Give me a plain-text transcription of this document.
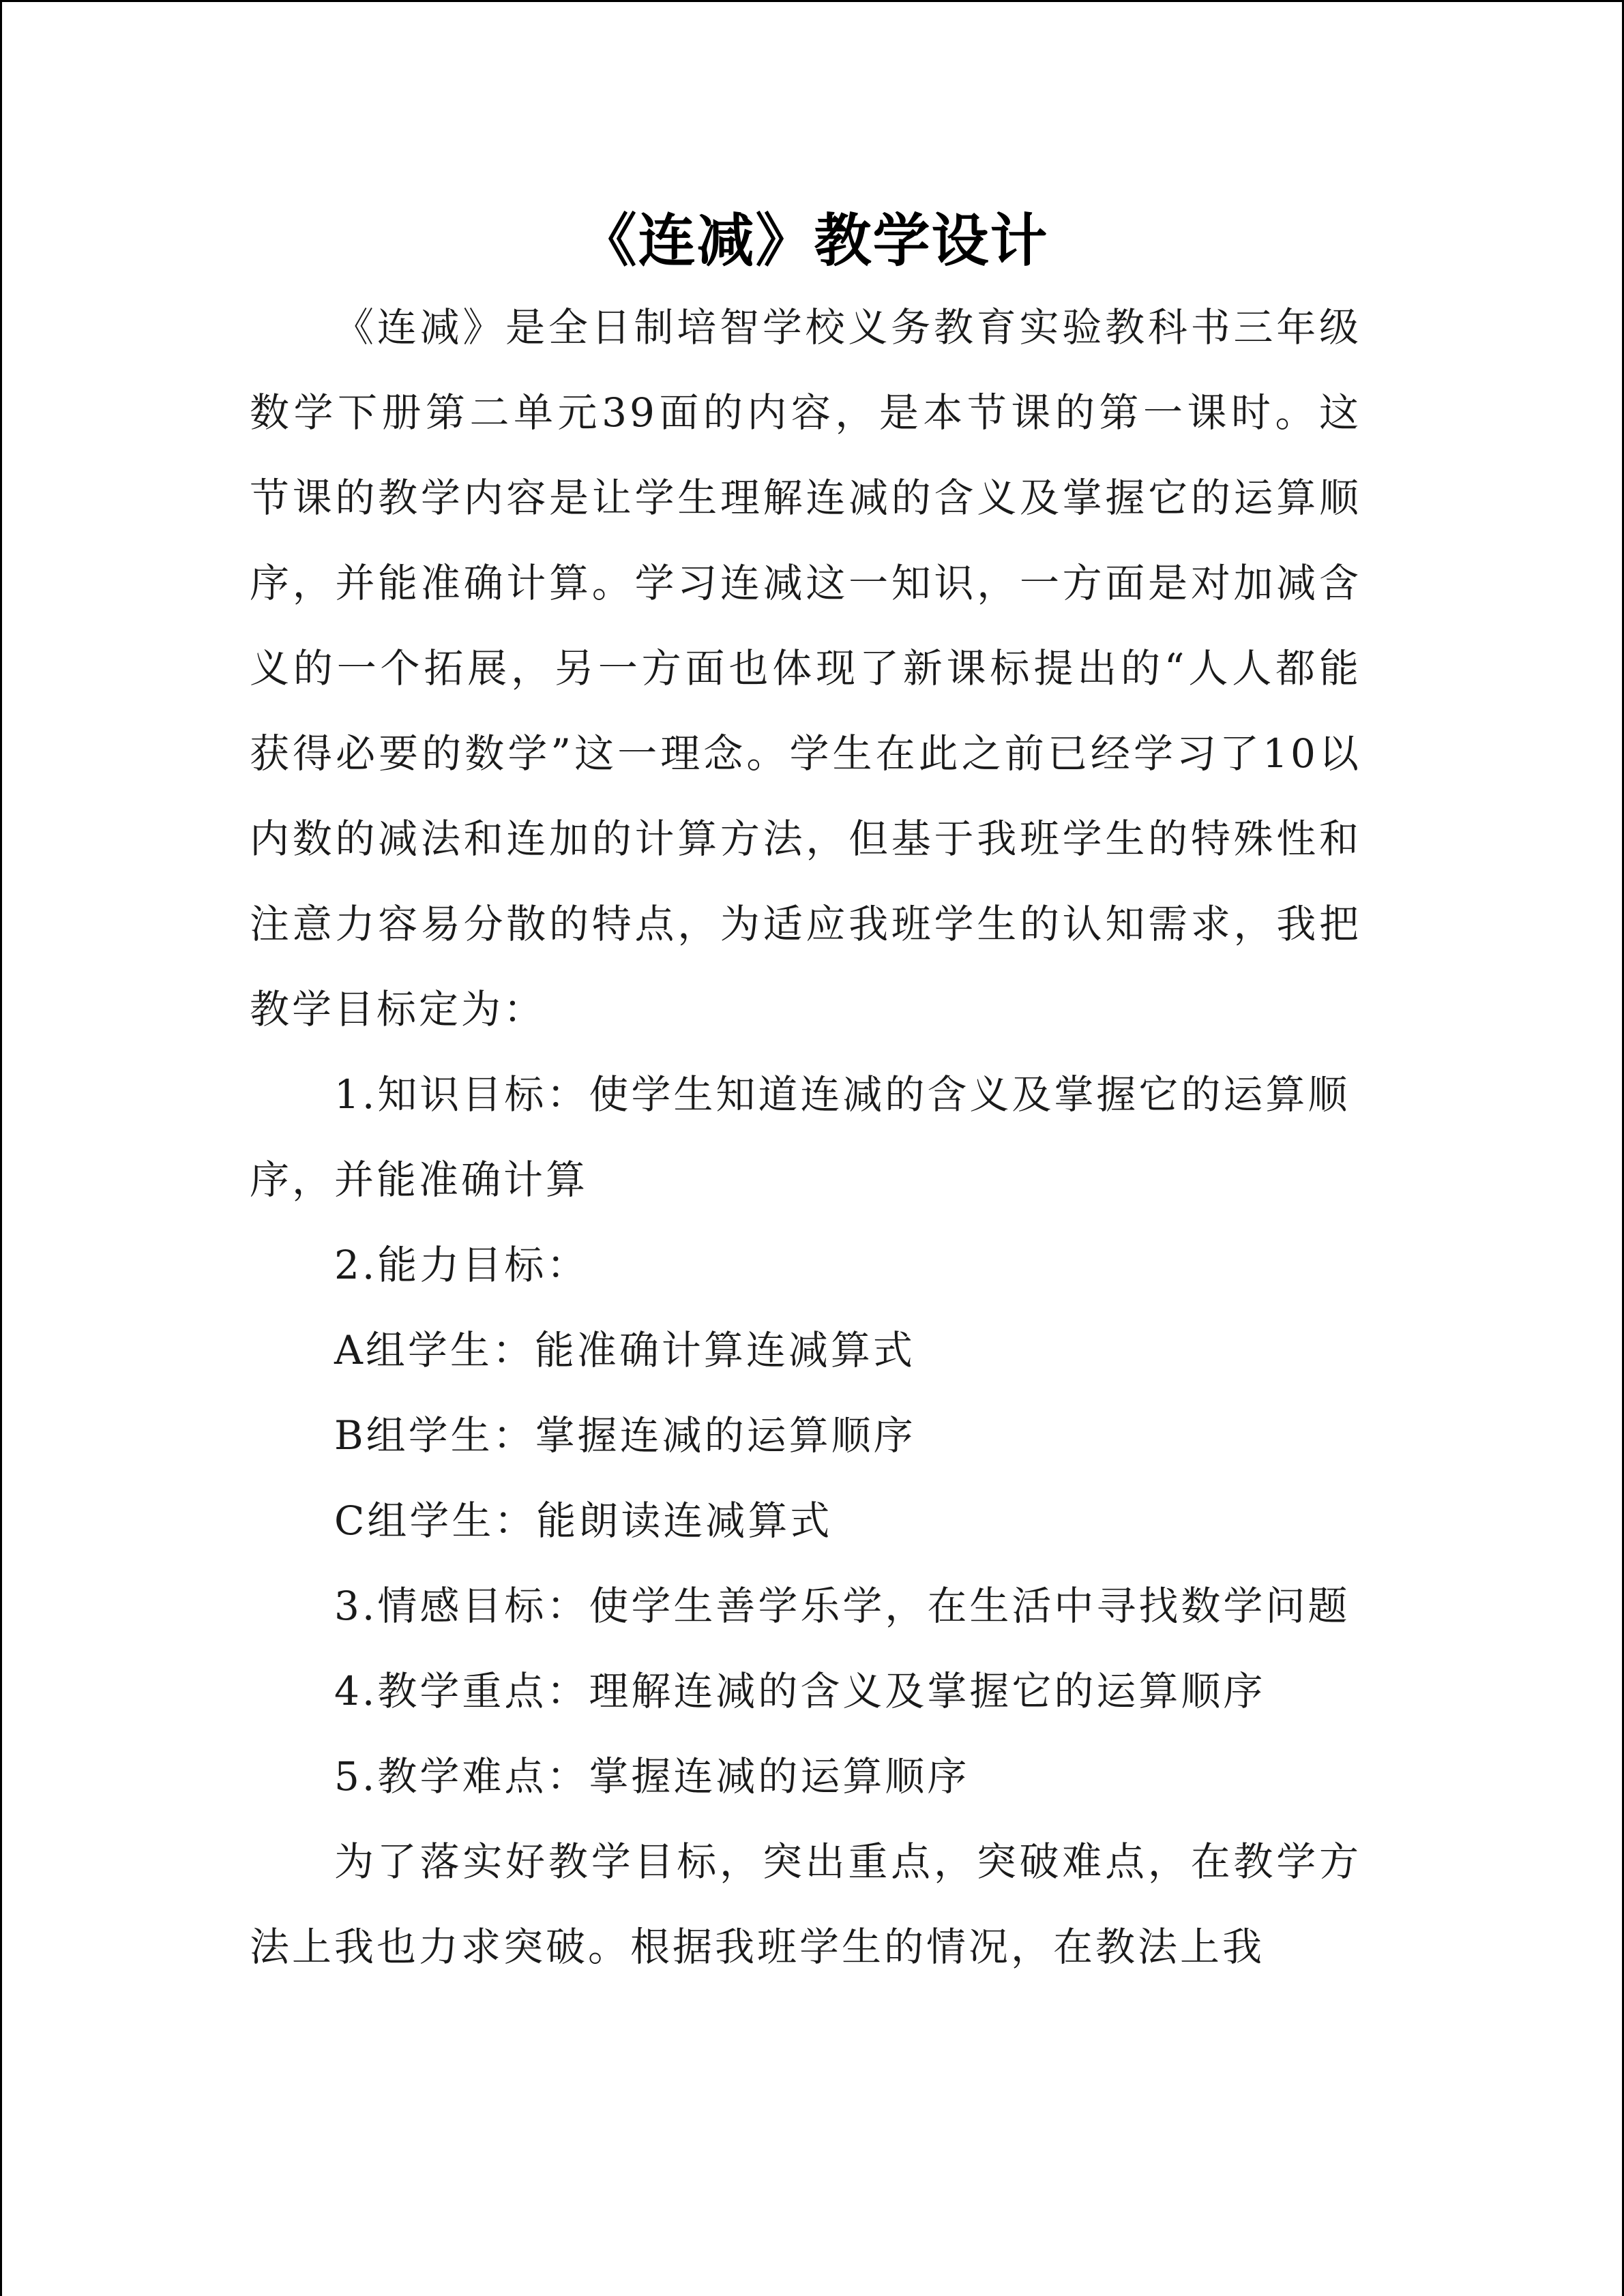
《连减》教学设计

《连减》是全日制培智学校义务教育实验教科书三年级数学下册第二单元39面的内容，是本节课的第一课时。这节课的教学内容是让学生理解连减的含义及掌握它的运算顺序，并能准确计算。学习连减这一知识，一方面是对加减含义的一个拓展，另一方面也体现了新课标提出的“人人都能获得必要的数学”这一理念。学生在此之前已经学习了10以内数的减法和连加的计算方法，但基于我班学生的特殊性和注意力容易分散的特点，为适应我班学生的认知需求，我把教学目标定为：

1.知识目标：使学生知道连减的含义及掌握它的运算顺序，并能准确计算

2.能力目标：

A组学生：能准确计算连减算式

B组学生：掌握连减的运算顺序

C组学生：能朗读连减算式

3.情感目标：使学生善学乐学，在生活中寻找数学问题

4.教学重点：理解连减的含义及掌握它的运算顺序

5.教学难点：掌握连减的运算顺序

为了落实好教学目标，突出重点，突破难点，在教学方法上我也力求突破。根据我班学生的情况，在教法上我
